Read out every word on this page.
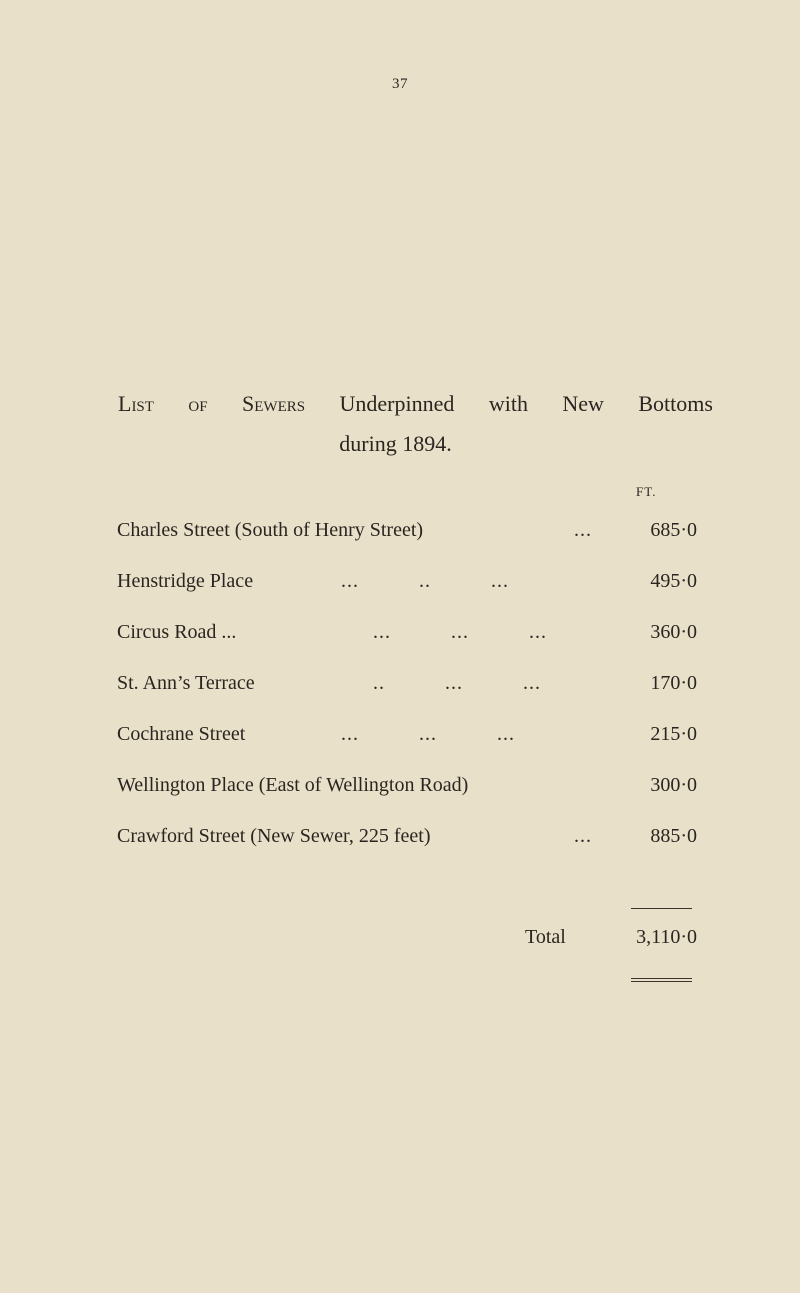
37
List of Sewers Underpinned with New Bottoms
during 1894.
FT.
Charles Street (South of Henry Street)	...	685·0
Henstridge Place	...          ..          ...	495·0
Circus Road ...	...          ...          ...	360·0
St. Ann’s Terrace	..          ...          ...	170·0
Cochrane Street	...          ...          ...	215·0
Wellington Place (East of Wellington Road)	300·0
Crawford Street (New Sewer, 225 feet)	...	885·0
Total	3,110·0
